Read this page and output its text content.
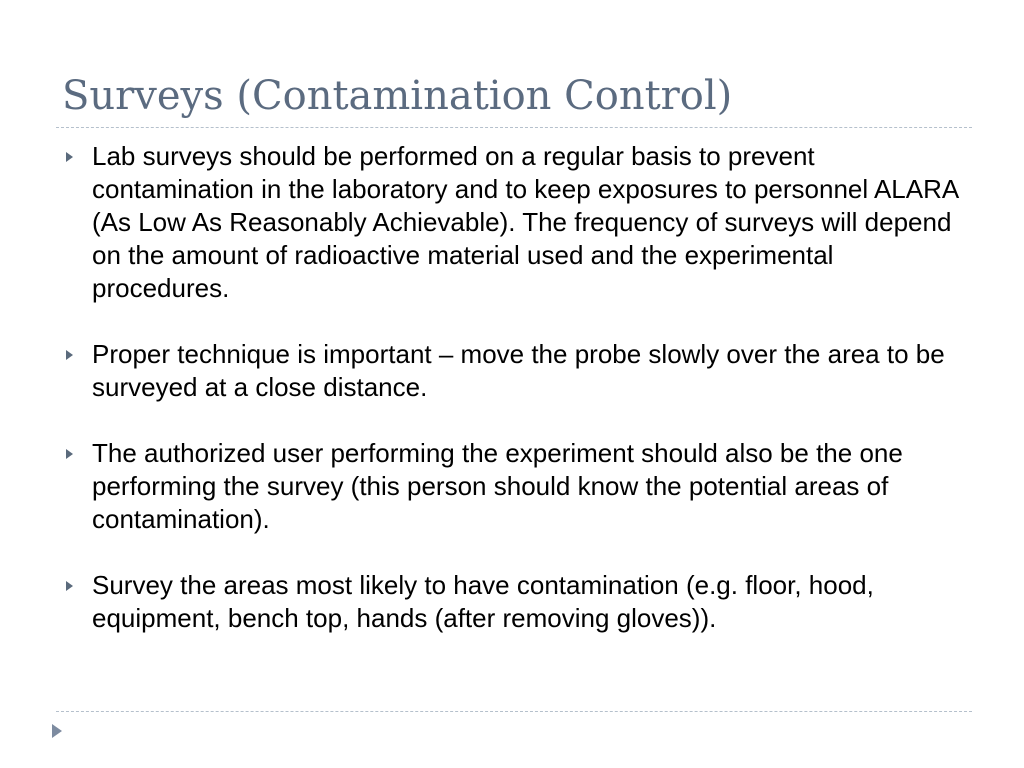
Surveys (Contamination Control)
Lab surveys should be performed on a regular basis to prevent contamination in the laboratory and to keep exposures to personnel ALARA (As Low As Reasonably Achievable). The frequency of surveys will depend on the amount of radioactive material used and the experimental procedures.
Proper technique is important – move the probe slowly over the area to be surveyed at a close distance.
The authorized user performing the experiment should also be the one performing the survey (this person should know the potential areas of contamination).
Survey the areas most likely to have contamination (e.g. floor, hood, equipment, bench top, hands (after removing gloves)).
